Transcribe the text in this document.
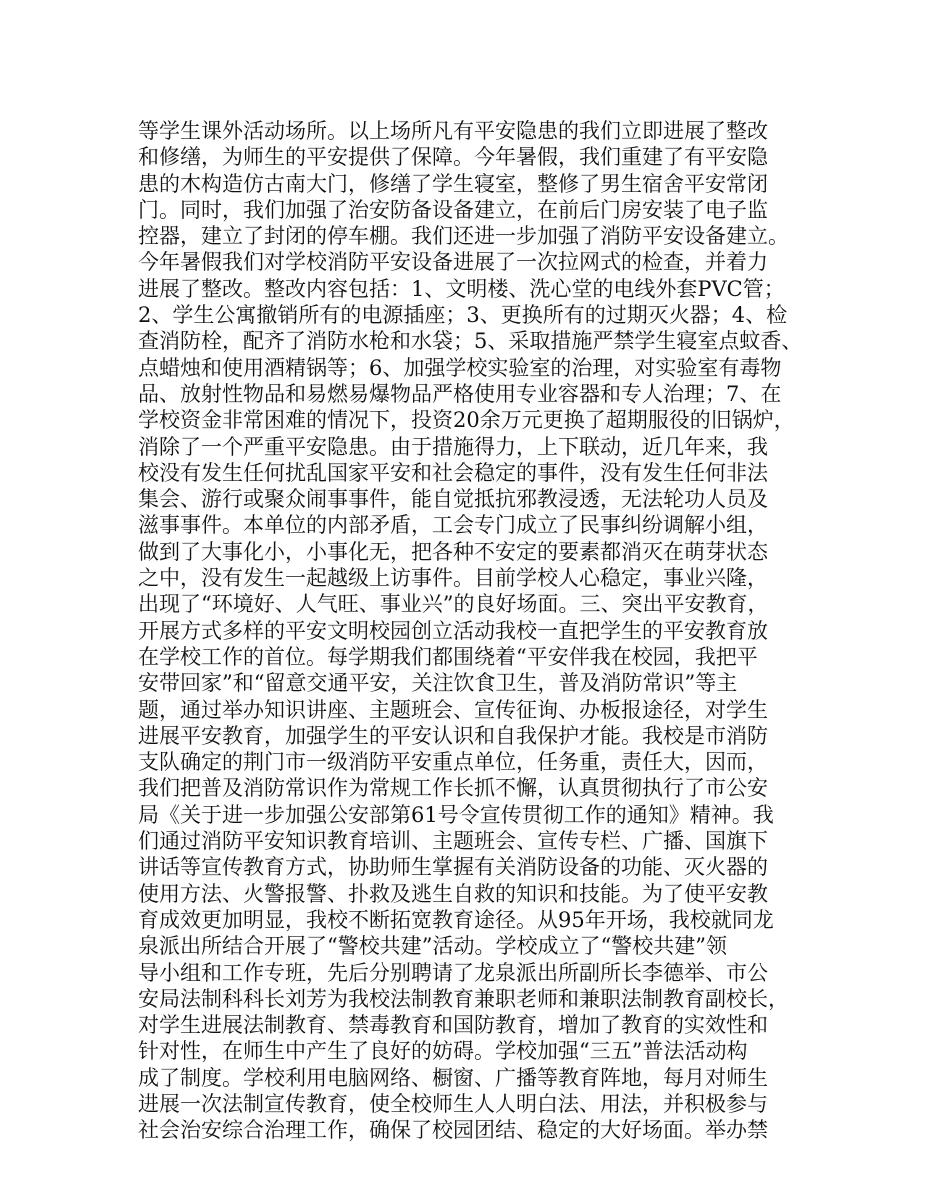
等学生课外活动场所。以上场所凡有平安隐患的我们立即进展了整改
和修缮，为师生的平安提供了保障。今年暑假，我们重建了有平安隐
患的木构造仿古南大门，修缮了学生寝室，整修了男生宿舍平安常闭
门。同时，我们加强了治安防备设备建立，在前后门房安装了电子监
控器，建立了封闭的停车棚。我们还进一步加强了消防平安设备建立。
今年暑假我们对学校消防平安设备进展了一次拉网式的检查，并着力
进展了整改。整改内容包括：1、文明楼、洗心堂的电线外套PVC管；
2、学生公寓撤销所有的电源插座；3、更换所有的过期灭火器；4、检
查消防栓，配齐了消防水枪和水袋；5、采取措施严禁学生寝室点蚊香、
点蜡烛和使用酒精锅等；6、加强学校实验室的治理，对实验室有毒物
品、放射性物品和易燃易爆物品严格使用专业容器和专人治理；7、在
学校资金非常困难的情况下，投资20余万元更换了超期服役的旧锅炉，
消除了一个严重平安隐患。由于措施得力，上下联动，近几年来，我
校没有发生任何扰乱国家平安和社会稳定的事件，没有发生任何非法
集会、游行或聚众闹事事件，能自觉抵抗邪教浸透，无法轮功人员及
滋事事件。本单位的内部矛盾，工会专门成立了民事纠纷调解小组，
做到了大事化小，小事化无，把各种不安定的要素都消灭在萌芽状态
之中，没有发生一起越级上访事件。目前学校人心稳定，事业兴隆，
出现了“环境好、人气旺、事业兴”的良好场面。三、突出平安教育，
开展方式多样的平安文明校园创立活动我校一直把学生的平安教育放
在学校工作的首位。每学期我们都围绕着“平安伴我在校园，我把平
安带回家”和“留意交通平安，关注饮食卫生，普及消防常识”等主
题，通过举办知识讲座、主题班会、宣传征询、办板报途径，对学生
进展平安教育，加强学生的平安认识和自我保护才能。我校是市消防
支队确定的荆门市一级消防平安重点单位，任务重，责任大，因而，
我们把普及消防常识作为常规工作长抓不懈，认真贯彻执行了市公安
局《关于进一步加强公安部第61号令宣传贯彻工作的通知》精神。我
们通过消防平安知识教育培训、主题班会、宣传专栏、广播、国旗下
讲话等宣传教育方式，协助师生掌握有关消防设备的功能、灭火器的
使用方法、火警报警、扑救及逃生自救的知识和技能。为了使平安教
育成效更加明显，我校不断拓宽教育途径。从95年开场，我校就同龙
泉派出所结合开展了“警校共建”活动。学校成立了“警校共建”领
导小组和工作专班，先后分别聘请了龙泉派出所副所长李德举、市公
安局法制科科长刘芳为我校法制教育兼职老师和兼职法制教育副校长，
对学生进展法制教育、禁毒教育和国防教育，增加了教育的实效性和
针对性，在师生中产生了良好的妨碍。学校加强“三五”普法活动构
成了制度。学校利用电脑网络、橱窗、广播等教育阵地，每月对师生
进展一次法制宣传教育，使全校师生人人明白法、用法，并积极参与
社会治安综合治理工作，确保了校园团结、稳定的大好场面。举办禁
